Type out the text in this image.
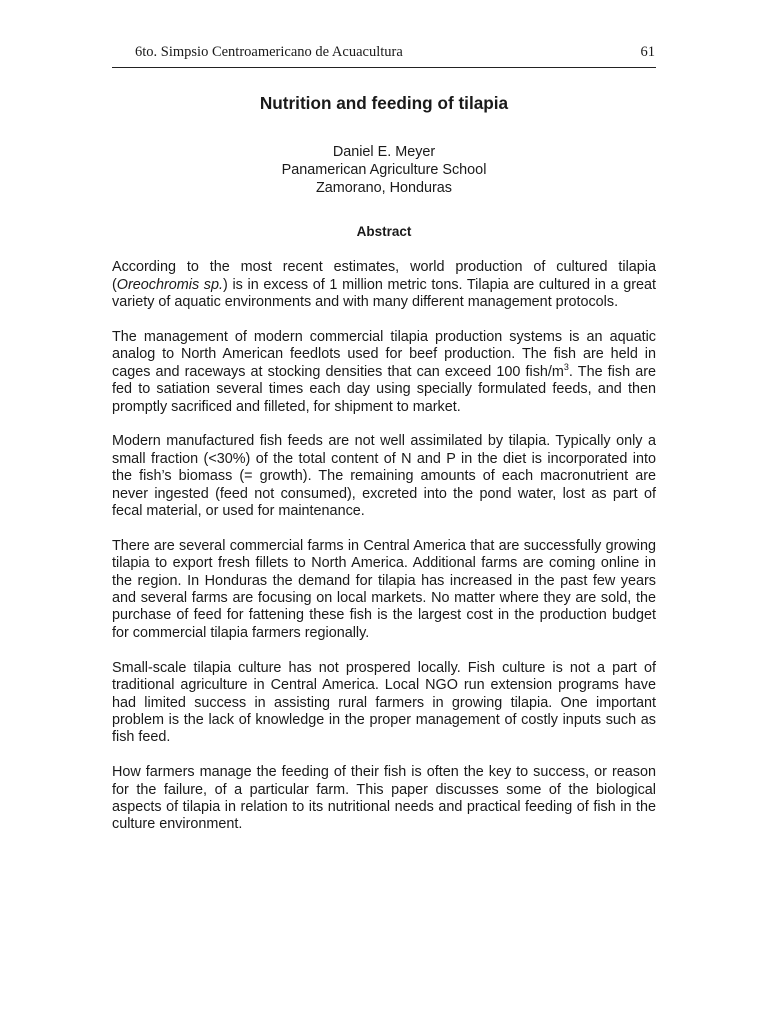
6to. Simpsio Centroamericano de Acuacultura	61
Nutrition and feeding of tilapia
Daniel E. Meyer
Panamerican Agriculture School
Zamorano, Honduras
Abstract

According to the most recent estimates, world production of cultured tilapia (Oreochromis sp.) is in excess of 1 million metric tons. Tilapia are cultured in a great variety of aquatic environments and with many different management protocols.

The management of modern commercial tilapia production systems is an aquatic analog to North American feedlots used for beef production. The fish are held in cages and raceways at stocking densities that can exceed 100 fish/$m^3$. The fish are fed to satiation several times each day using specially formulated feeds, and then promptly sacrificed and filleted, for shipment to market.

Modern manufactured fish feeds are not well assimilated by tilapia. Typically only a small fraction (<30%) of the total content of N and P in the diet is incorporated into the fish’s biomass (= growth). The remaining amounts of each macronutrient are never ingested (feed not consumed), excreted into the pond water, lost as part of fecal material, or used for maintenance.

There are several commercial farms in Central America that are successfully growing tilapia to export fresh fillets to North America. Additional farms are coming online in the region. In Honduras the demand for tilapia has increased in the past few years and several farms are focusing on local markets. No matter where they are sold, the purchase of feed for fattening these fish is the largest cost in the production budget for commercial tilapia farmers regionally.

Small-scale tilapia culture has not prospered locally. Fish culture is not a part of traditional agriculture in Central America. Local NGO run extension programs have had limited success in assisting rural farmers in growing tilapia. One important problem is the lack of knowledge in the proper management of costly inputs such as fish feed.

How farmers manage the feeding of their fish is often the key to success, or reason for the failure, of a particular farm. This paper discusses some of the biological aspects of tilapia in relation to its nutritional needs and practical feeding of fish in the culture environment.
